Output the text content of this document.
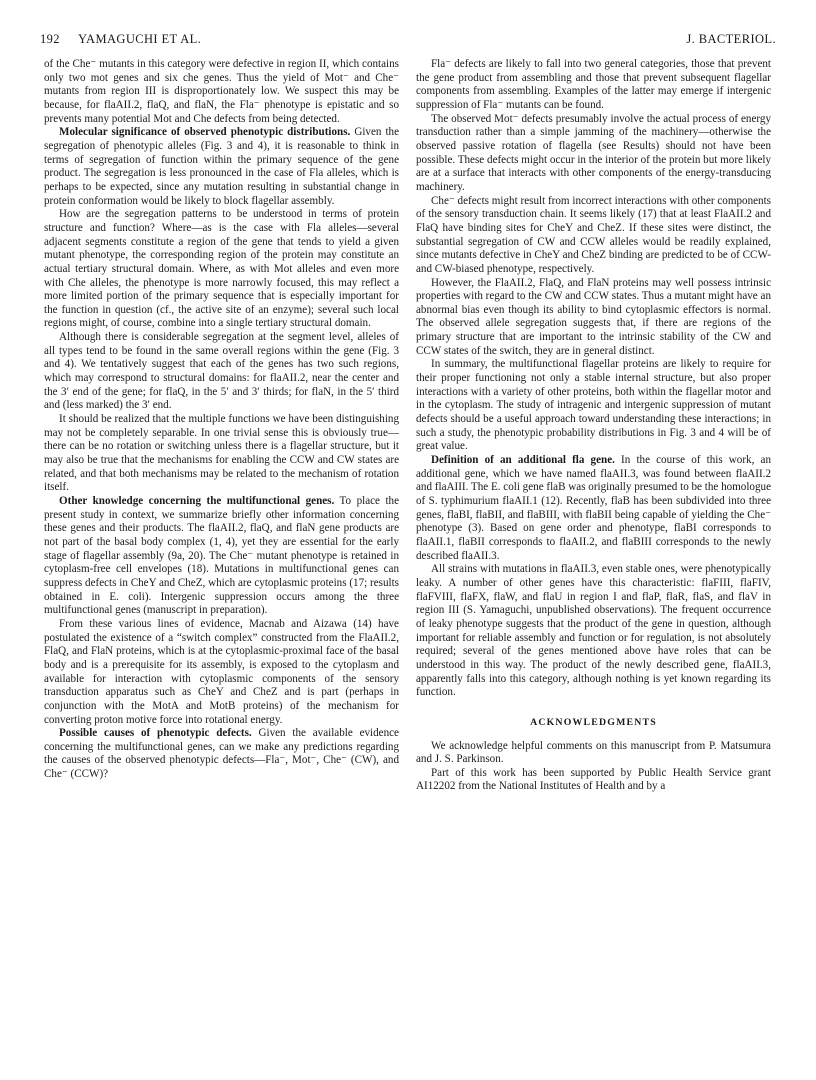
192 YAMAGUCHI ET AL.	J. BACTERIOL.

of the Che⁻ mutants in this category were defective in region II, which contains only two mot genes and six che genes. Thus the yield of Mot⁻ and Che⁻ mutants from region III is disproportionately low. We suspect this may be because, for flaAII.2, flaQ, and flaN, the Fla⁻ phenotype is epistatic and so prevents many potential Mot and Che defects from being detected.

Molecular significance of observed phenotypic distributions. Given the segregation of phenotypic alleles (Fig. 3 and 4), it is reasonable to think in terms of segregation of function within the primary sequence of the gene product. The segregation is less pronounced in the case of Fla alleles, which is perhaps to be expected, since any mutation resulting in substantial change in protein conformation would be likely to block flagellar assembly.

How are the segregation patterns to be understood in terms of protein structure and function? Where—as is the case with Fla alleles—several adjacent segments constitute a region of the gene that tends to yield a given mutant phenotype, the corresponding region of the protein may constitute an actual tertiary structural domain. Where, as with Mot alleles and even more with Che alleles, the phenotype is more narrowly focused, this may reflect a more limited portion of the primary sequence that is especially important for the function in question (cf., the active site of an enzyme); several such local regions might, of course, combine into a single tertiary structural domain.

Although there is considerable segregation at the segment level, alleles of all types tend to be found in the same overall regions within the gene (Fig. 3 and 4). We tentatively suggest that each of the genes has two such regions, which may correspond to structural domains: for flaAII.2, near the center and the 3′ end of the gene; for flaQ, in the 5′ and 3′ thirds; for flaN, in the 5′ third and (less marked) the 3′ end.

It should be realized that the multiple functions we have been distinguishing may not be completely separable. In one trivial sense this is obviously true—there can be no rotation or switching unless there is a flagellar structure, but it may also be true that the mechanisms for enabling the CCW and CW states are related, and that both mechanisms may be related to the mechanism of rotation itself.

Other knowledge concerning the multifunctional genes. To place the present study in context, we summarize briefly other information concerning these genes and their products. The flaAII.2, flaQ, and flaN gene products are not part of the basal body complex (1, 4), yet they are essential for the early stage of flagellar assembly (9a, 20). The Che⁻ mutant phenotype is retained in cytoplasm-free cell envelopes (18). Mutations in multifunctional genes can suppress defects in CheY and CheZ, which are cytoplasmic proteins (17; results obtained in E. coli). Intergenic suppression occurs among the three multifunctional genes (manuscript in preparation).

From these various lines of evidence, Macnab and Aizawa (14) have postulated the existence of a “switch complex” constructed from the FlaAII.2, FlaQ, and FlaN proteins, which is at the cytoplasmic-proximal face of the basal body and is a prerequisite for its assembly, is exposed to the cytoplasm and available for interaction with cytoplasmic components of the sensory transduction apparatus such as CheY and CheZ and is part (perhaps in conjunction with the MotA and MotB proteins) of the mechanism for converting proton motive force into rotational energy.

Possible causes of phenotypic defects. Given the available evidence concerning the multifunctional genes, can we make any predictions regarding the causes of the observed phenotypic defects—Fla⁻, Mot⁻, Che⁻ (CW), and Che⁻ (CCW)?

Fla⁻ defects are likely to fall into two general categories, those that prevent the gene product from assembling and those that prevent subsequent flagellar components from assembling. Examples of the latter may emerge if intergenic suppression of Fla⁻ mutants can be found.

The observed Mot⁻ defects presumably involve the actual process of energy transduction rather than a simple jamming of the machinery—otherwise the observed passive rotation of flagella (see Results) should not have been possible. These defects might occur in the interior of the protein but more likely are at a surface that interacts with other components of the energy-transducing machinery.

Che⁻ defects might result from incorrect interactions with other components of the sensory transduction chain. It seems likely (17) that at least FlaAII.2 and FlaQ have binding sites for CheY and CheZ. If these sites were distinct, the substantial segregation of CW and CCW alleles would be readily explained, since mutants defective in CheY and CheZ binding are predicted to be of CCW- and CW-biased phenotype, respectively.

However, the FlaAII.2, FlaQ, and FlaN proteins may well possess intrinsic properties with regard to the CW and CCW states. Thus a mutant might have an abnormal bias even though its ability to bind cytoplasmic effectors is normal. The observed allele segregation suggests that, if there are regions of the primary structure that are important to the intrinsic stability of the CW and CCW states of the switch, they are in general distinct.

In summary, the multifunctional flagellar proteins are likely to require for their proper functioning not only a stable internal structure, but also proper interactions with a variety of other proteins, both within the flagellar motor and in the cytoplasm. The study of intragenic and intergenic suppression of mutant defects should be a useful approach toward understanding these interactions; in such a study, the phenotypic probability distributions in Fig. 3 and 4 will be of great value.

Definition of an additional fla gene. In the course of this work, an additional gene, which we have named flaAII.3, was found between flaAII.2 and flaAIII. The E. coli gene flaB was originally presumed to be the homologue of S. typhimurium flaAII.1 (12). Recently, flaB has been subdivided into three genes, flaBI, flaBII, and flaBIII, with flaBII being capable of yielding the Che⁻ phenotype (3). Based on gene order and phenotype, flaBI corresponds to flaAII.1, flaBII corresponds to flaAII.2, and flaBIII corresponds to the newly described flaAII.3.

All strains with mutations in flaAII.3, even stable ones, were phenotypically leaky. A number of other genes have this characteristic: flaFIII, flaFIV, flaFVIII, flaFX, flaW, and flaU in region I and flaP, flaR, flaS, and flaV in region III (S. Yamaguchi, unpublished observations). The frequent occurrence of leaky phenotype suggests that the product of the gene in question, although important for reliable assembly and function or for regulation, is not absolutely required; several of the genes mentioned above have roles that can be understood in this way. The product of the newly described gene, flaAII.3, apparently falls into this category, although nothing is yet known regarding its function.

ACKNOWLEDGMENTS

We acknowledge helpful comments on this manuscript from P. Matsumura and J. S. Parkinson.

Part of this work has been supported by Public Health Service grant AI12202 from the National Institutes of Health and by a
